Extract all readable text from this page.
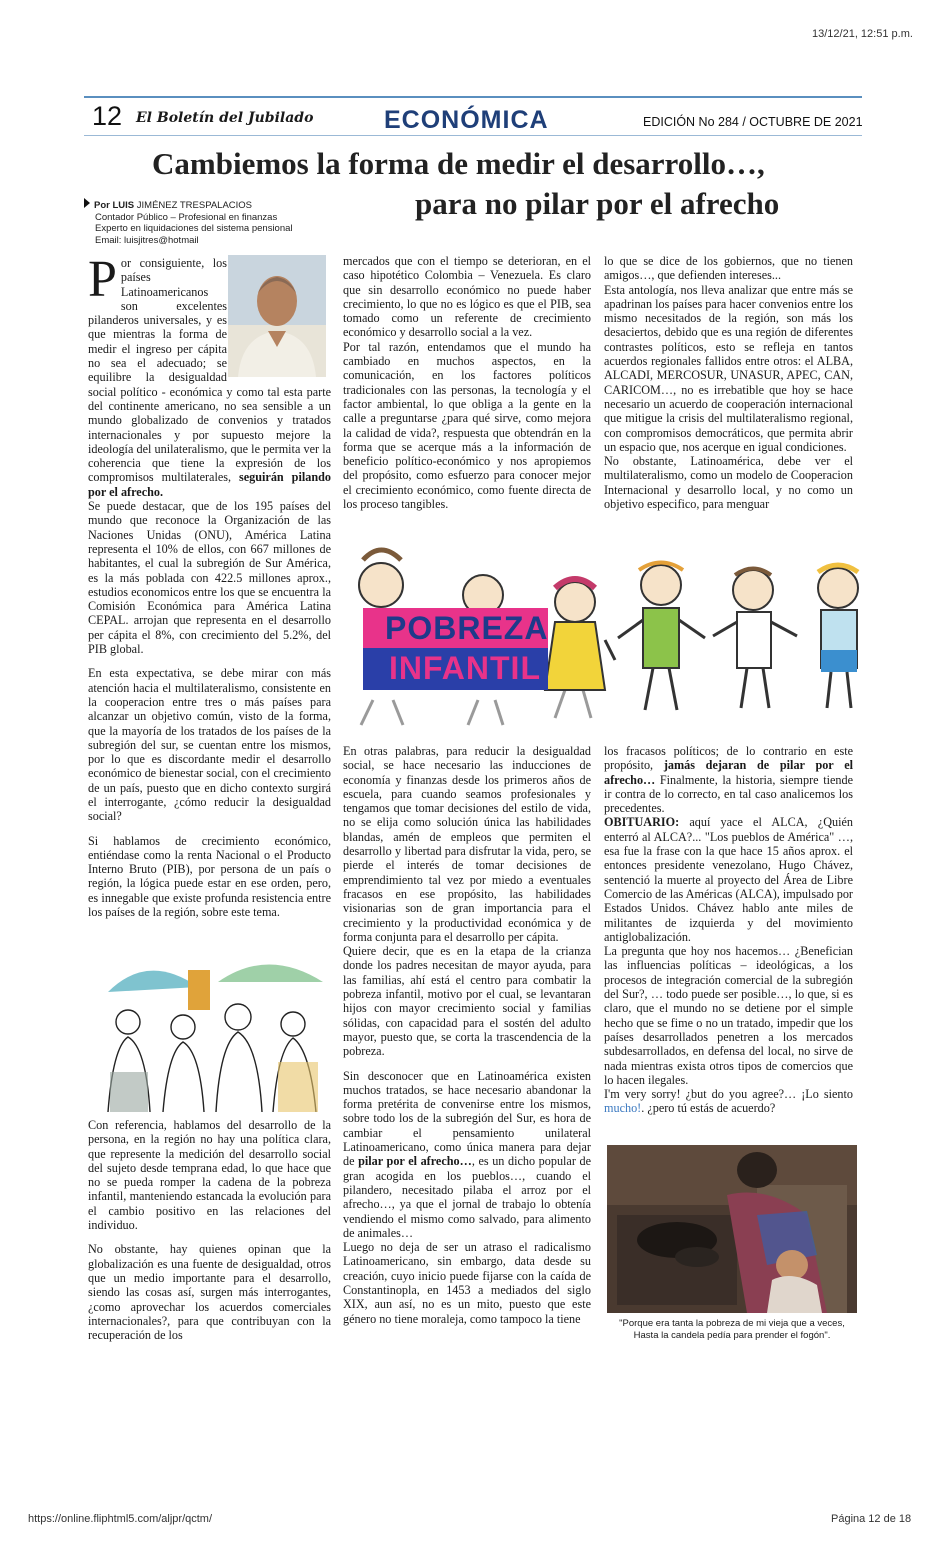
13/12/21, 12:51 p.m.
12 El Boletín del Jubilado	ECONÓMICA	EDICIÓN No 284 / OCTUBRE DE 2021
Cambiemos la forma de medir el desarrollo…,
para no pilar por el afrecho
Por LUIS JIMÉNEZ TRESPALACIOS
Contador Público – Profesional en finanzas
Experto en liquidaciones del sistema pensional
Email: luisjitres@hotmail

Por consiguiente, los países Latinoamericanos son excelentes pilanderos universales, y es que mientras la forma de medir el ingreso per cápita no sea el adecuado; se equilibre la desigualdad social político - económica y como tal esta parte del continente americano, no sea sensible a un mundo globalizado de convenios y tratados internacionales y por supuesto mejore la ideología del unilateralismo, que le permita ver la coherencia que tiene la expresión de los compromisos multilaterales, seguirán pilando por el afrecho.

Se puede destacar, que de los 195 países del mundo que reconoce la Organización de las Naciones Unidas (ONU), América Latina representa el 10% de ellos, con 667 millones de habitantes, el cual la subregión de Sur América, es la más poblada con 422.5 millones aprox., estudios economicos entre los que se encuentra la Comisión Económica para América Latina CEPAL. arrojan que representa en el desarrollo per cápita el 8%, con crecimiento del 5.2%, del PIB global.

En esta expectativa, se debe mirar con más atención hacia el multilateralismo, consistente en la cooperacion entre tres o más países para alcanzar un objetivo común, visto de la forma, que la mayoría de los tratados de los países de la subregión del sur, se cuentan entre los mismos, por lo que es discordante medir el desarrollo económico de bienestar social, con el crecimiento de un país, puesto que en dicho contexto surgirá el interrogante, ¿cómo reducir la desigualdad social?

Si hablamos de crecimiento económico, entiéndase como la renta Nacional o el Producto Interno Bruto (PIB), por persona de un país o región, la lógica puede estar en ese orden, pero, es innegable que existe profunda resistencia entre los países de la región, sobre este tema.

Con referencia, hablamos del desarrollo de la persona, en la región no hay una política clara, que represente la medición del desarrollo social del sujeto desde temprana edad, lo que hace que no se pueda romper la cadena de la pobreza infantil, manteniendo estancada la evolución para el cambio positivo en las relaciones del individuo.

No obstante, hay quienes opinan que la globalización es una fuente de desigualdad, otros que un medio importante para el desarrollo, siendo las cosas así, surgen más interrogantes, ¿como aprovechar los acuerdos comerciales internacionales?, para que contribuyan con la recuperación de los

mercados que con el tiempo se deterioran, en el caso hipotético Colombia – Venezuela. Es claro que sin desarrollo económico no puede haber crecimiento, lo que no es lógico es que el PIB, sea tomado como un referente de crecimiento económico y desarrollo social a la vez.

Por tal razón, entendamos que el mundo ha cambiado en muchos aspectos, en la comunicación, en los factores políticos tradicionales con las personas, la tecnología y el factor ambiental, lo que obliga a la gente en la calle a preguntarse ¿para qué sirve, como mejora la calidad de vida?, respuesta que obtendrán en la forma que se acerque más a la información de beneficio político-económico y nos apropiemos del propósito, como esfuerzo para conocer mejor el crecimiento económico, como fuente directa de los proceso tangibles.

lo que se dice de los gobiernos, que no tienen amigos…, que defienden intereses...

Esta antología, nos lleva analizar que entre más se apadrinan los países para hacer convenios entre los mismo necesitados de la región, son más los desaciertos, debido que es una región de diferentes contrastes políticos, esto se refleja en tantos acuerdos regionales fallidos entre otros: el ALBA, ALCADI, MERCOSUR, UNASUR, APEC, CAN, CARICOM…, no es irrebatible que hoy se hace necesario un acuerdo de cooperación internacional que mitigue la crisis del multilateralismo regional, con compromisos democráticos, que permita abrir un espacio que, nos acerque en igual condiciones.

No obstante, Latinoamérica, debe ver el multilateralismo, como un modelo de Cooperacion Internacional y desarrollo local, y no como un objetivo especifico, para menguar

POBREZA
INFANTIL

En otras palabras, para reducir la desigualdad social, se hace necesario las inducciones de economía y finanzas desde los primeros años de escuela, para cuando seamos profesionales y tengamos que tomar decisiones del estilo de vida, no se elija como solución única las habilidades blandas, amén de empleos que permiten el desarrollo y libertad para disfrutar la vida, pero, se pierde el interés de tomar decisiones de emprendimiento tal vez por miedo a eventuales fracasos en ese propósito, las habilidades visionarias son de gran importancia para el crecimiento y la productividad económica y de forma conjunta para el desarrollo per cápita.

Quiere decir, que es en la etapa de la crianza donde los padres necesitan de mayor ayuda, para las familias, ahí está el centro para combatir la pobreza infantil, motivo por el cual, se levantaran hijos con mayor crecimiento social y familias sólidas, con capacidad para el sostén del adulto mayor, puesto que, se corta la trascendencia de la pobreza.

Sin desconocer que en Latinoamérica existen muchos tratados, se hace necesario abandonar la forma pretérita de convenirse entre los mismos, sobre todo los de la subregión del Sur, es hora de cambiar el pensamiento unilateral Latinoamericano, como única manera para dejar de pilar por el afrecho…, es un dicho popular de gran acogida en los pueblos…, cuando el pilandero, necesitado pilaba el arroz por el afrecho…, ya que el jornal de trabajo lo obtenía vendiendo el mismo como salvado, para alimento de animales…

Luego no deja de ser un atraso el radicalismo Latinoamericano, sin embargo, data desde su creación, cuyo inicio puede fijarse con la caída de Constantinopla, en 1453 a mediados del siglo XIX, aun así, no es un mito, puesto que este género no tiene moraleja, como tampoco la tiene

los fracasos políticos; de lo contrario en este propósito, jamás dejaran de pilar por el afrecho… Finalmente, la historia, siempre tiende ir contra de lo correcto, en tal caso analicemos los precedentes.

OBITUARIO: aquí yace el ALCA, ¿Quién enterró al ALCA?... "Los pueblos de América" …, esa fue la frase con la que hace 15 años aprox. el entonces presidente venezolano, Hugo Chávez, sentenció la muerte al proyecto del Área de Libre Comercio de las Américas (ALCA), impulsado por Estados Unidos. Chávez hablo ante miles de militantes de izquierda y del movimiento antiglobalización.

La pregunta que hoy nos hacemos… ¿Benefician las influencias políticas – ideológicas, a los procesos de integración comercial de la subregión del Sur?, … todo puede ser posible…, lo que, si es claro, que el mundo no se detiene por el simple hecho que se fime o no un tratado, impedir que los países desarrollados penetren a los mercados subdesarrollados, en defensa del local, no sirve de nada mientras exista otros tipos de comercios que lo hacen ilegales.

I'm very sorry! ¿but do you agree?… ¡Lo siento mucho!. ¿pero tú estás de acuerdo?

"Porque era tanta la pobreza de mi vieja que a veces,
Hasta la candela pedía para prender el fogón".
https://online.fliphtml5.com/aljpr/qctm/	Página 12 de 18
